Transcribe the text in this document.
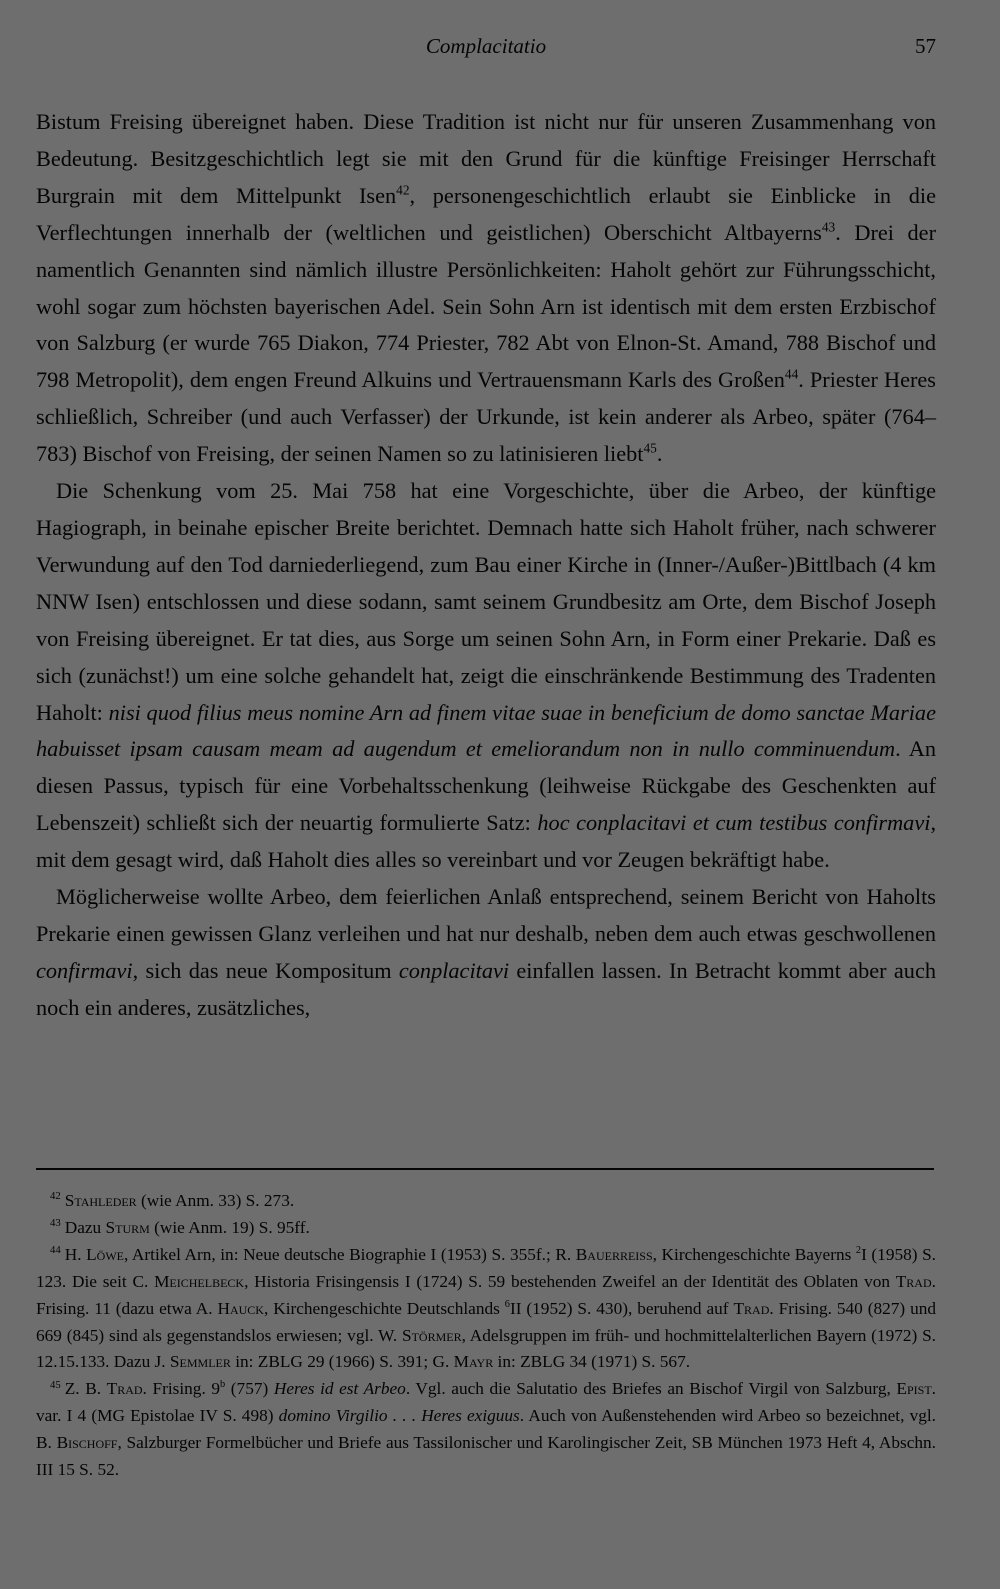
Complacitatio	57

Bistum Freising übereignet haben. Diese Tradition ist nicht nur für unseren Zusammenhang von Bedeutung. Besitzgeschichtlich legt sie mit den Grund für die künftige Freisinger Herrschaft Burgrain mit dem Mittelpunkt Isen$^{42}$, personengeschichtlich erlaubt sie Einblicke in die Verflechtungen innerhalb der (weltlichen und geistlichen) Oberschicht Altbayerns$^{43}$. Drei der namentlich Genannten sind nämlich illustre Persönlichkeiten: Haholt gehört zur Führungsschicht, wohl sogar zum höchsten bayerischen Adel. Sein Sohn Arn ist identisch mit dem ersten Erzbischof von Salzburg (er wurde 765 Diakon, 774 Priester, 782 Abt von Elnon-St. Amand, 788 Bischof und 798 Metropolit), dem engen Freund Alkuins und Vertrauensmann Karls des Großen$^{44}$. Priester Heres schließlich, Schreiber (und auch Verfasser) der Urkunde, ist kein anderer als Arbeo, später (764–783) Bischof von Freising, der seinen Namen so zu latinisieren liebt$^{45}$.

Die Schenkung vom 25. Mai 758 hat eine Vorgeschichte, über die Arbeo, der künftige Hagiograph, in beinahe epischer Breite berichtet. Demnach hatte sich Haholt früher, nach schwerer Verwundung auf den Tod darniederliegend, zum Bau einer Kirche in (Inner-/Außer-)Bittlbach (4 km NNW Isen) entschlossen und diese sodann, samt seinem Grundbesitz am Orte, dem Bischof Joseph von Freising übereignet. Er tat dies, aus Sorge um seinen Sohn Arn, in Form einer Prekarie. Daß es sich (zunächst!) um eine solche gehandelt hat, zeigt die einschränkende Bestimmung des Tradenten Haholt: nisi quod filius meus nomine Arn ad finem vitae suae in beneficium de domo sanctae Mariae habuisset ipsam causam meam ad augendum et emeliorandum non in nullo comminuendum. An diesen Passus, typisch für eine Vorbehaltsschenkung (leihweise Rückgabe des Geschenkten auf Lebenszeit) schließt sich der neuartig formulierte Satz: hoc conplacitavi et cum testibus confirmavi, mit dem gesagt wird, daß Haholt dies alles so vereinbart und vor Zeugen bekräftigt habe.

Möglicherweise wollte Arbeo, dem feierlichen Anlaß entsprechend, seinem Bericht von Haholts Prekarie einen gewissen Glanz verleihen und hat nur deshalb, neben dem auch etwas geschwollenen confirmavi, sich das neue Kompositum conplacitavi einfallen lassen. In Betracht kommt aber auch noch ein anderes, zusätzliches,

$^{42}$ Stahleder (wie Anm. 33) S. 273.

$^{43}$ Dazu Sturm (wie Anm. 19) S. 95ff.

$^{44}$ H. Löwe, Artikel Arn, in: Neue deutsche Biographie I (1953) S. 355f.; R. Bauerreiss, Kirchengeschichte Bayerns $^2$I (1958) S. 123. Die seit C. Meichelbeck, Historia Frisingensis I (1724) S. 59 bestehenden Zweifel an der Identität des Oblaten von Trad. Frising. 11 (dazu etwa A. Hauck, Kirchengeschichte Deutschlands $^6$II (1952) S. 430), beruhend auf Trad. Frising. 540 (827) und 669 (845) sind als gegenstandslos erwiesen; vgl. W. Störmer, Adelsgruppen im früh- und hochmittelalterlichen Bayern (1972) S. 12.15.133. Dazu J. Semmler in: ZBLG 29 (1966) S. 391; G. Mayr in: ZBLG 34 (1971) S. 567.

$^{45}$ Z. B. Trad. Frising. 9$^b$ (757) Heres id est Arbeo. Vgl. auch die Salutatio des Briefes an Bischof Virgil von Salzburg, Epist. var. I 4 (MG Epistolae IV S. 498) domino Virgilio . . . Heres exiguus. Auch von Außenstehenden wird Arbeo so bezeichnet, vgl. B. Bischoff, Salzburger Formelbücher und Briefe aus Tassilonischer und Karolingischer Zeit, SB München 1973 Heft 4, Abschn. III 15 S. 52.
